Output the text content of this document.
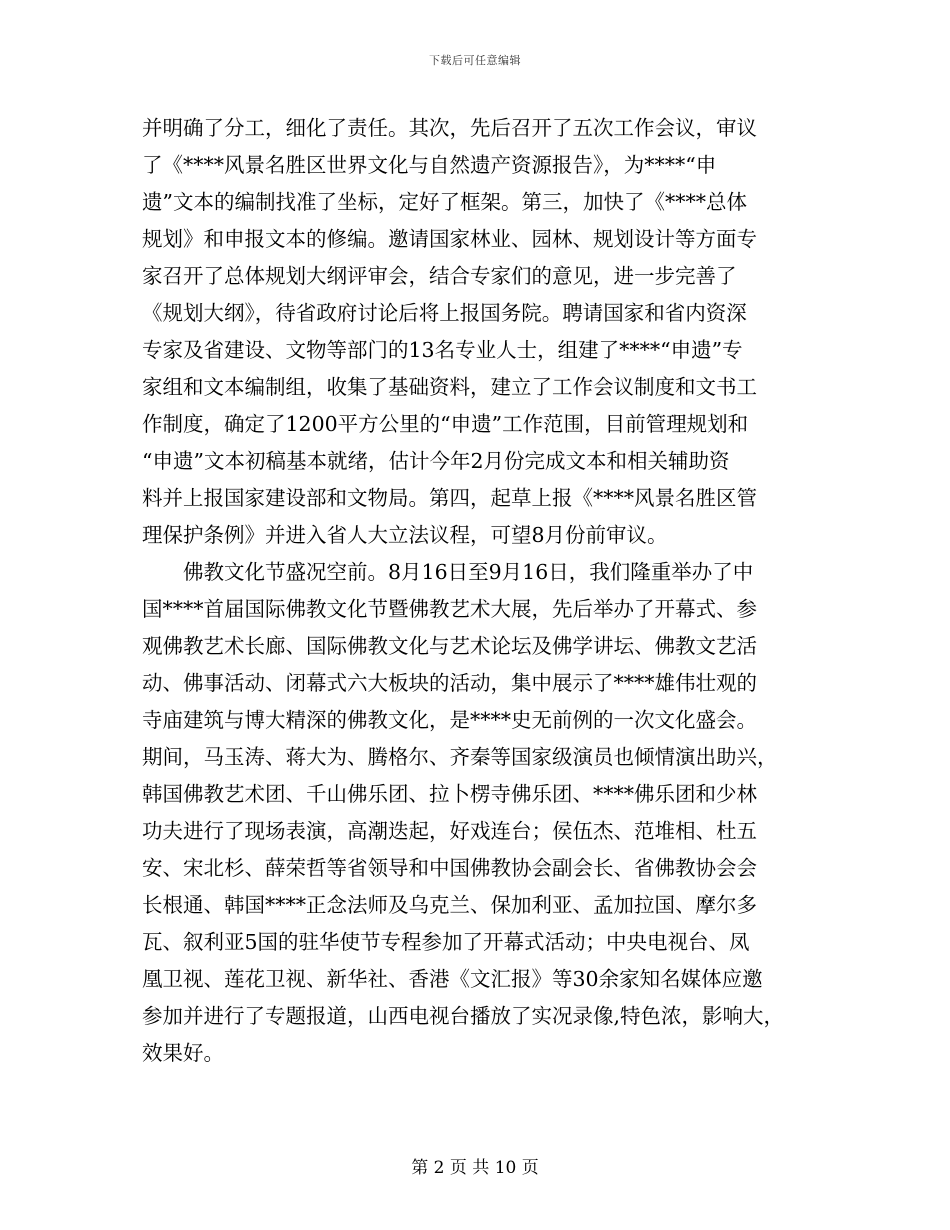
下载后可任意编辑
并明确了分工，细化了责任。其次，先后召开了五次工作会议，审议
了《****风景名胜区世界文化与自然遗产资源报告》，为****“申
遗”文本的编制找准了坐标，定好了框架。第三，加快了《****总体
规划》和申报文本的修编。邀请国家林业、园林、规划设计等方面专
家召开了总体规划大纲评审会，结合专家们的意见，进一步完善了
《规划大纲》，待省政府讨论后将上报国务院。聘请国家和省内资深
专家及省建设、文物等部门的13名专业人士，组建了****“申遗”专
家组和文本编制组，收集了基础资料，建立了工作会议制度和文书工
作制度，确定了1200平方公里的“申遗”工作范围，目前管理规划和
“申遗”文本初稿基本就绪，估计今年2月份完成文本和相关辅助资
料并上报国家建设部和文物局。第四，起草上报《****风景名胜区管
理保护条例》并进入省人大立法议程，可望8月份前审议。
佛教文化节盛况空前。8月16日至9月16日，我们隆重举办了中
国****首届国际佛教文化节暨佛教艺术大展，先后举办了开幕式、参
观佛教艺术长廊、国际佛教文化与艺术论坛及佛学讲坛、佛教文艺活
动、佛事活动、闭幕式六大板块的活动，集中展示了****雄伟壮观的
寺庙建筑与博大精深的佛教文化，是****史无前例的一次文化盛会。
期间，马玉涛、蒋大为、腾格尔、齐秦等国家级演员也倾情演出助兴，
韩国佛教艺术团、千山佛乐团、拉卜楞寺佛乐团、****佛乐团和少林
功夫进行了现场表演，高潮迭起，好戏连台；侯伍杰、范堆相、杜五
安、宋北杉、薛荣哲等省领导和中国佛教协会副会长、省佛教协会会
长根通、韩国****正念法师及乌克兰、保加利亚、孟加拉国、摩尔多
瓦、叙利亚5国的驻华使节专程参加了开幕式活动；中央电视台、凤
凰卫视、莲花卫视、新华社、香港《文汇报》等30余家知名媒体应邀
参加并进行了专题报道，山西电视台播放了实况录像,特色浓，影响大，
效果好。
第 2 页 共 10 页
